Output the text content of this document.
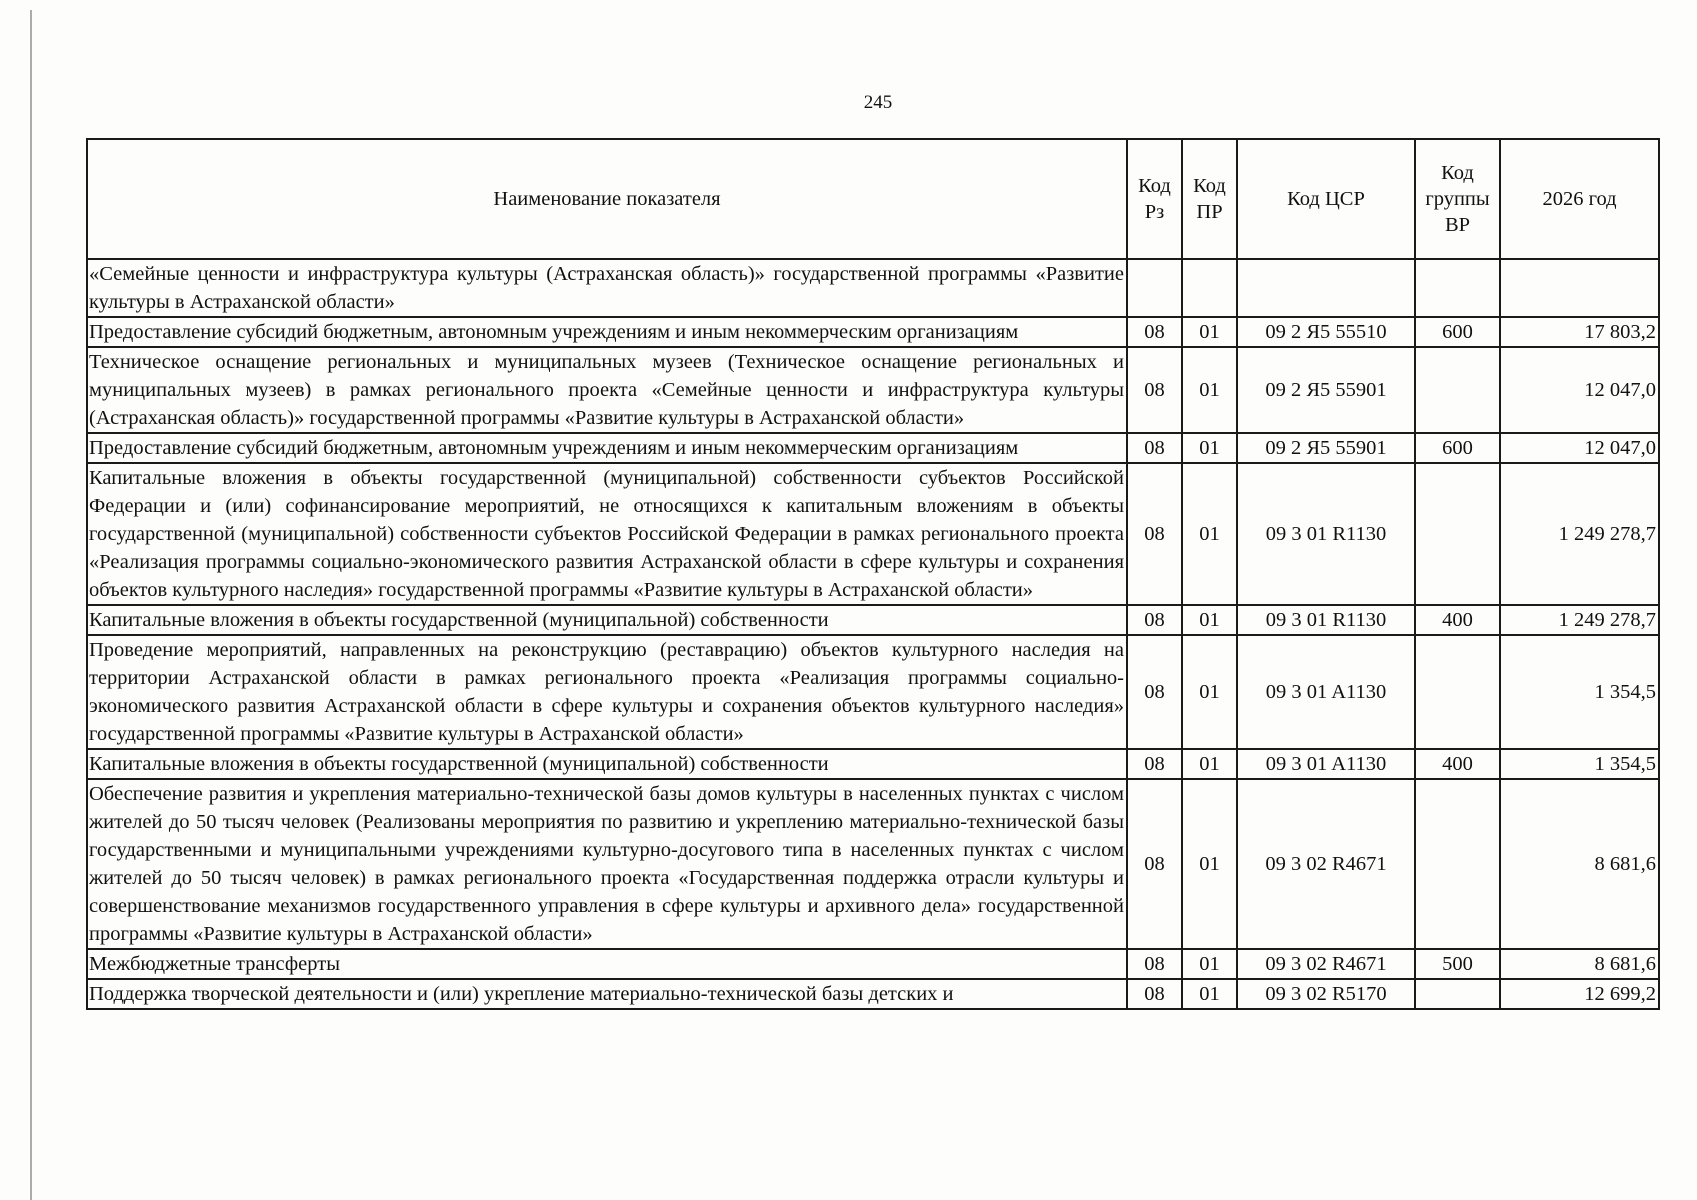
245
Наименование показателя	Код Рз	Код ПР	Код ЦСР	Код группы ВР	2026 год
«Семейные ценности и инфраструктура культуры (Астраханская область)» государственной программы «Развитие культуры в Астраханской области»					
Предоставление субсидий бюджетным, автономным учреждениям и иным некоммерческим организациям	08	01	09 2 Я5 55510	600	17 803,2
Техническое оснащение региональных и муниципальных музеев (Техническое оснащение региональных и муниципальных музеев) в рамках регионального проекта «Семейные ценности и инфраструктура культуры (Астраханская область)» государственной программы «Развитие культуры в Астраханской области»	08	01	09 2 Я5 55901		12 047,0
Предоставление субсидий бюджетным, автономным учреждениям и иным некоммерческим организациям	08	01	09 2 Я5 55901	600	12 047,0
Капитальные вложения в объекты государственной (муниципальной) собственности субъектов Российской Федерации и (или) софинансирование мероприятий, не относящихся к капитальным вложениям в объекты государственной (муниципальной) собственности субъектов Российской Федерации в рамках регионального проекта «Реализация программы социально-экономического развития Астраханской области в сфере культуры и сохранения объектов культурного наследия» государственной программы «Развитие культуры в Астраханской области»	08	01	09 3 01 R1130		1 249 278,7
Капитальные вложения в объекты государственной (муниципальной) собственности	08	01	09 3 01 R1130	400	1 249 278,7
Проведение мероприятий, направленных на реконструкцию (реставрацию) объектов культурного наследия на территории Астраханской области в рамках регионального проекта «Реализация программы социально-экономического развития Астраханской области в сфере культуры и сохранения объектов культурного наследия» государственной программы «Развитие культуры в Астраханской области»	08	01	09 3 01 A1130		1 354,5
Капитальные вложения в объекты государственной (муниципальной) собственности	08	01	09 3 01 A1130	400	1 354,5
Обеспечение развития и укрепления материально-технической базы домов культуры в населенных пунктах с числом жителей до 50 тысяч человек (Реализованы мероприятия по развитию и укреплению материально-технической базы государственными и муниципальными учреждениями культурно-досугового типа в населенных пунктах с числом жителей до 50 тысяч человек) в рамках регионального проекта «Государственная поддержка отрасли культуры и совершенствование механизмов государственного управления в сфере культуры и архивного дела» государственной программы «Развитие культуры в Астраханской области»	08	01	09 3 02 R4671		8 681,6
Межбюджетные трансферты	08	01	09 3 02 R4671	500	8 681,6
Поддержка творческой деятельности и (или) укрепление материально-технической базы детских и	08	01	09 3 02 R5170		12 699,2
